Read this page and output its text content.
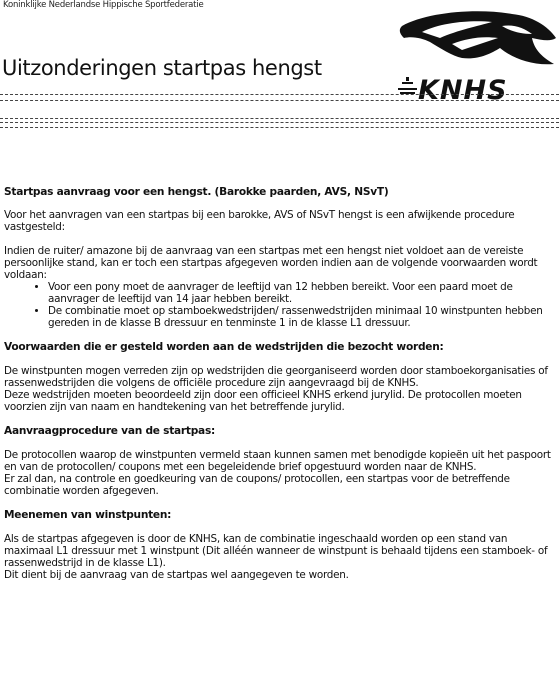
Koninklijke Nederlandse Hippische Sportfederatie
Uitzonderingen startpas hengst
KNHS

Startpas aanvraag voor een hengst. (Barokke paarden, AVS, NSvT)

Voor het aanvragen van een startpas bij een barokke, AVS of NSvT hengst is een afwijkende procedure vastgesteld:

Indien de ruiter/ amazone bij de aanvraag van een startpas met een hengst niet voldoet aan de vereiste persoonlijke stand, kan er toch een startpas afgegeven worden indien aan de volgende voorwaarden wordt voldaan:

• Voor een pony moet de aanvrager de leeftijd van 12 hebben bereikt. Voor een paard moet de aanvrager de leeftijd van 14 jaar hebben bereikt.
• De combinatie moet op stamboekwedstrijden/ rassenwedstrijden minimaal 10 winstpunten hebben gereden in de klasse B dressuur en tenminste 1 in de klasse L1 dressuur.

Voorwaarden die er gesteld worden aan de wedstrijden die bezocht worden:

De winstpunten mogen verreden zijn op wedstrijden die georganiseerd worden door stamboekorganisaties of rassenwedstrijden die volgens de officiële procedure zijn aangevraagd bij de KNHS.

Deze wedstrijden moeten beoordeeld zijn door een officieel KNHS erkend jurylid. De protocollen moeten voorzien zijn van naam en handtekening van het betreffende jurylid.

Aanvraagprocedure van de startpas:

De protocollen waarop de winstpunten vermeld staan kunnen samen met benodigde kopieën uit het paspoort en van de protocollen/ coupons met een begeleidende brief opgestuurd worden naar de KNHS.

Er zal dan, na controle en goedkeuring van de coupons/ protocollen, een startpas voor de betreffende combinatie worden afgegeven.

Meenemen van winstpunten:

Als de startpas afgegeven is door de KNHS, kan de combinatie ingeschaald worden op een stand van maximaal L1 dressuur met 1 winstpunt (Dit alléén wanneer de winstpunt is behaald tijdens een stamboek- of rassenwedstrijd in de klasse L1).

Dit dient bij de aanvraag van de startpas wel aangegeven te worden.
